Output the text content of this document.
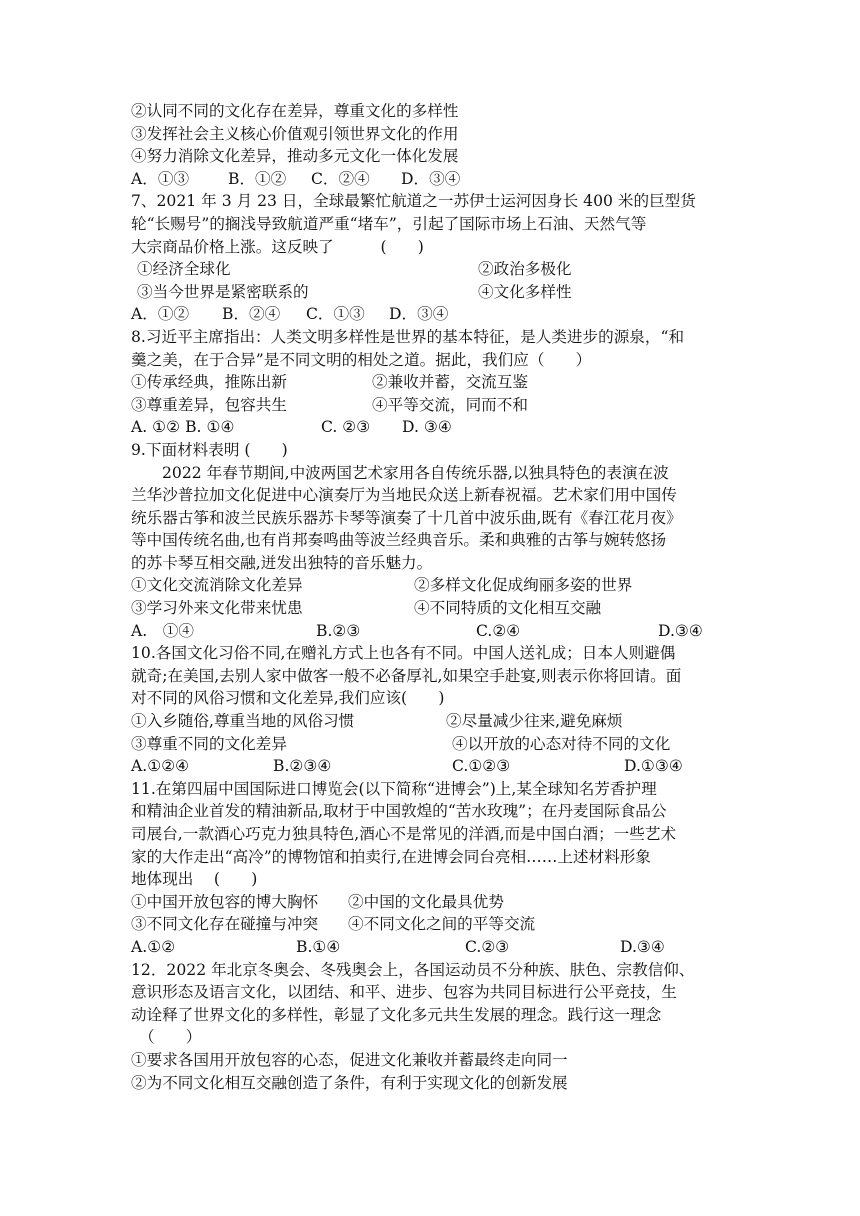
②认同不同的文化存在差异，尊重文化的多样性
③发挥社会主义核心价值观引领世界文化的作用
④努力消除文化差异，推动多元文化一体化发展
A．①③ B．①② C．②④ D．③④
7、2021 年 3 月 23 日，全球最繁忙航道之一苏伊士运河因身长 400 米的巨型货
轮“长赐号”的搁浅导致航道严重“堵车”，引起了国际市场上石油、天然气等
大宗商品价格上涨。这反映了　　　(　　)
①经济全球化	②政治多极化
③当今世界是紧密联系的	④文化多样性
A．①② B．②④ C．①③ D．③④
8.习近平主席指出：人类文明多样性是世界的基本特征，是人类进步的源泉，“和
羹之美，在于合异”是不同文明的相处之道。据此，我们应（　　）
①传承经典，推陈出新	②兼收并蓄，交流互鉴
③尊重差异，包容共生	④平等交流，同而不和
A. ①② B. ①④	C. ②③ D. ③④
9.下面材料表明 (　　)
2022 年春节期间,中波两国艺术家用各自传统乐器,以独具特色的表演在波
兰华沙普拉加文化促进中心演奏厅为当地民众送上新春祝福。艺术家们用中国传
统乐器古筝和波兰民族乐器苏卡琴等演奏了十几首中波乐曲,既有《春江花月夜》
等中国传统名曲,也有肖邦奏鸣曲等波兰经典音乐。柔和典雅的古筝与婉转悠扬
的苏卡琴互相交融,迸发出独特的音乐魅力。
①文化交流消除文化差异	②多样文化促成绚丽多姿的世界
③学习外来文化带来忧患	④不同特质的文化相互交融
A.　①④	B.②③	C.②④	D.③④
10.各国文化习俗不同,在赠礼方式上也各有不同。中国人送礼成；日本人则避偶
就奇;在美国,去别人家中做客一般不必备厚礼,如果空手赴宴,则表示你将回请。面
对不同的风俗习惯和文化差异,我们应该(　　)
①入乡随俗,尊重当地的风俗习惯	②尽量减少往来,避免麻烦
③尊重不同的文化差异	④以开放的心态对待不同的文化
A.①②④	B.②③④	C.①②③	D.①③④
11.在第四届中国国际进口博览会(以下简称“进博会”)上,某全球知名芳香护理
和精油企业首发的精油新品,取材于中国敦煌的“苦水玫瑰”；在丹麦国际食品公
司展台,一款酒心巧克力独具特色,酒心不是常见的洋酒,而是中国白酒；一些艺术
家的大作走出“高冷”的博物馆和拍卖行,在进博会同台亮相……上述材料形象
地体现出　 (　　)
①中国开放包容的博大胸怀 ②中国的文化最具优势
③不同文化存在碰撞与冲突 ④不同文化之间的平等交流
A.①②	B.①④	C.②③	D.③④
12．2022 年北京冬奥会、冬残奥会上，各国运动员不分种族、肤色、宗教信仰、
意识形态及语言文化，以团结、和平、进步、包容为共同目标进行公平竞技，生
动诠释了世界文化的多样性，彰显了文化多元共生发展的理念。践行这一理念
（　　）
①要求各国用开放包容的心态，促进文化兼收并蓄最终走向同一
②为不同文化相互交融创造了条件，有利于实现文化的创新发展
